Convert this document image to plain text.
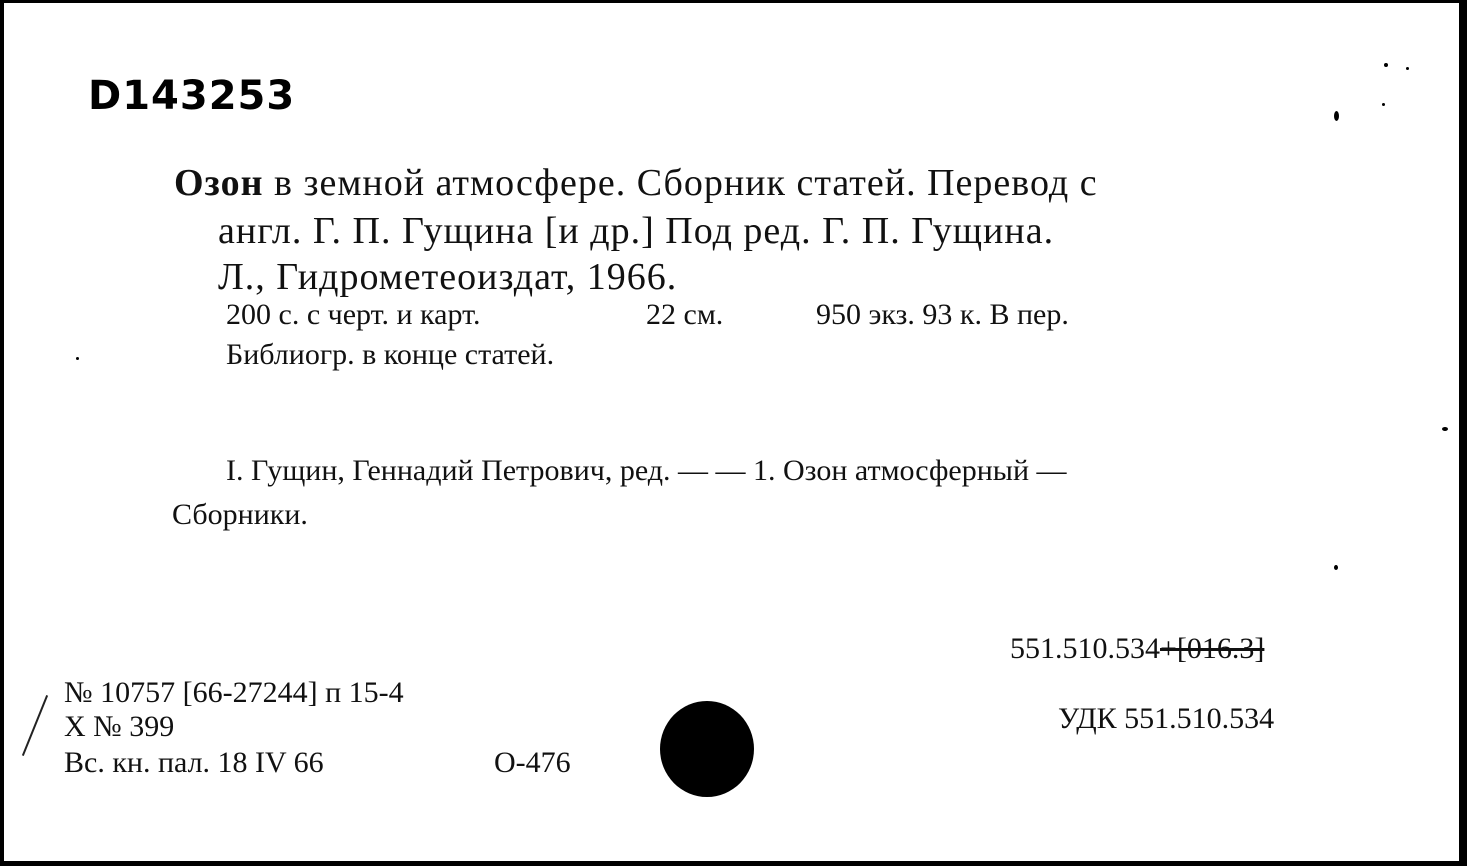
D143253
Озон в земной атмосфере. Сборник статей. Перевод с
англ. Г. П. Гущина [и др.] Под ред. Г. П. Гущина.
Л., Гидрометеоиздат, 1966.
200 с. с черт. и карт.	22 см.	950 экз. 93 к. В пер.
Библиогр. в конце статей.
I. Гущин, Геннадий Петрович, ред. — — 1. Озон атмосферный —
Сборники.
551.510.534+[016.3]
УДК 551.510.534
№ 10757 [66-27244] п 15-4
X № 399
Вс. кн. пал. 18 IV 66	О-476
